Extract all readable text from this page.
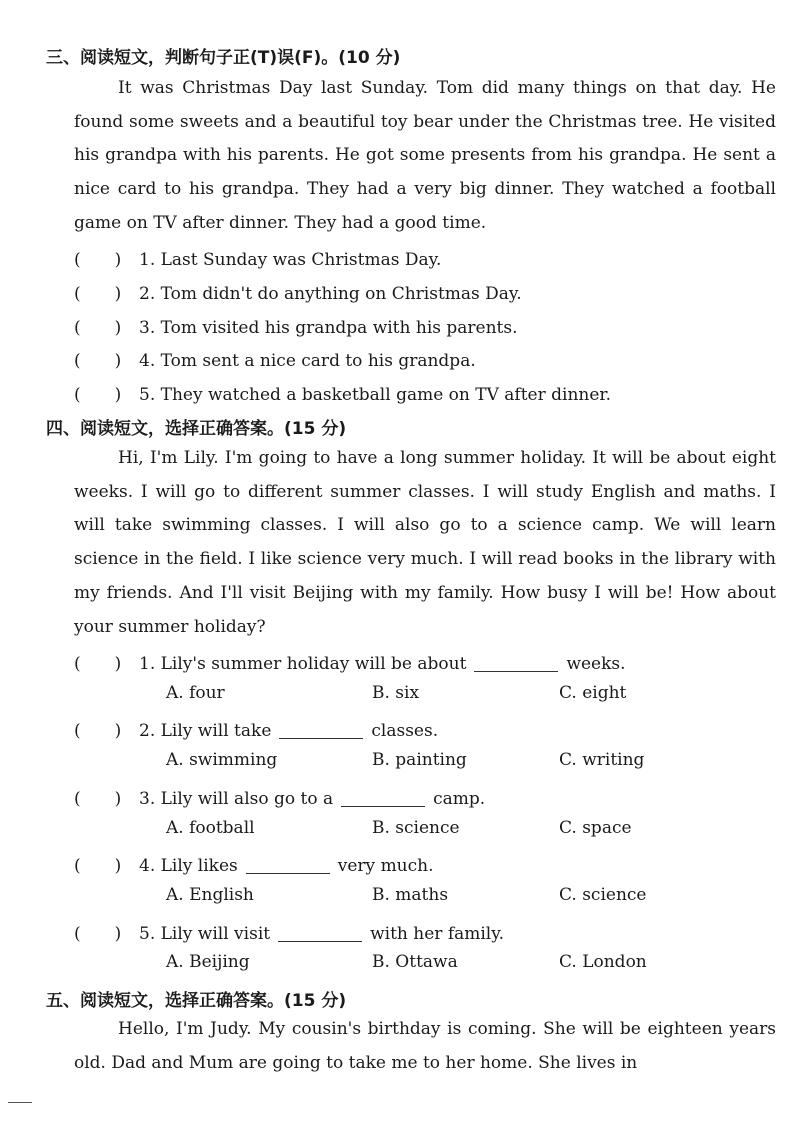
三、阅读短文，判断句子正(T)误(F)。(10 分)

It was Christmas Day last Sunday. Tom did many things on that day. He found some sweets and a beautiful toy bear under the Christmas tree. He visited his grandpa with his parents. He got some presents from his grandpa. He sent a nice card to his grandpa. They had a very big dinner. They watched a football game on TV after dinner. They had a good time.

(　　) 1. Last Sunday was Christmas Day.
(　　) 2. Tom didn't do anything on Christmas Day.
(　　) 3. Tom visited his grandpa with his parents.
(　　) 4. Tom sent a nice card to his grandpa.
(　　) 5. They watched a basketball game on TV after dinner.
四、阅读短文，选择正确答案。(15 分)

Hi, I'm Lily. I'm going to have a long summer holiday. It will be about eight weeks. I will go to different summer classes. I will study English and maths. I will take swimming classes. I will also go to a science camp. We will learn science in the field. I like science very much. I will read books in the library with my friends. And I'll visit Beijing with my family. How busy I will be! How about your summer holiday?

(　　) 1. Lily's summer holiday will be about	weeks.
A. four	B. six	C. eight
(　　) 2. Lily will take	classes.
A. swimming	B. painting	C. writing
(　　) 3. Lily will also go to a	camp.
A. football	B. science	C. space
(　　) 4. Lily likes	very much.
A. English	B. maths	C. science
(　　) 5. Lily will visit	with her family.
A. Beijing	B. Ottawa	C. London
五、阅读短文，选择正确答案。(15 分)

Hello, I'm Judy. My cousin's birthday is coming. She will be eighteen years old. Dad and Mum are going to take me to her home. She lives in
